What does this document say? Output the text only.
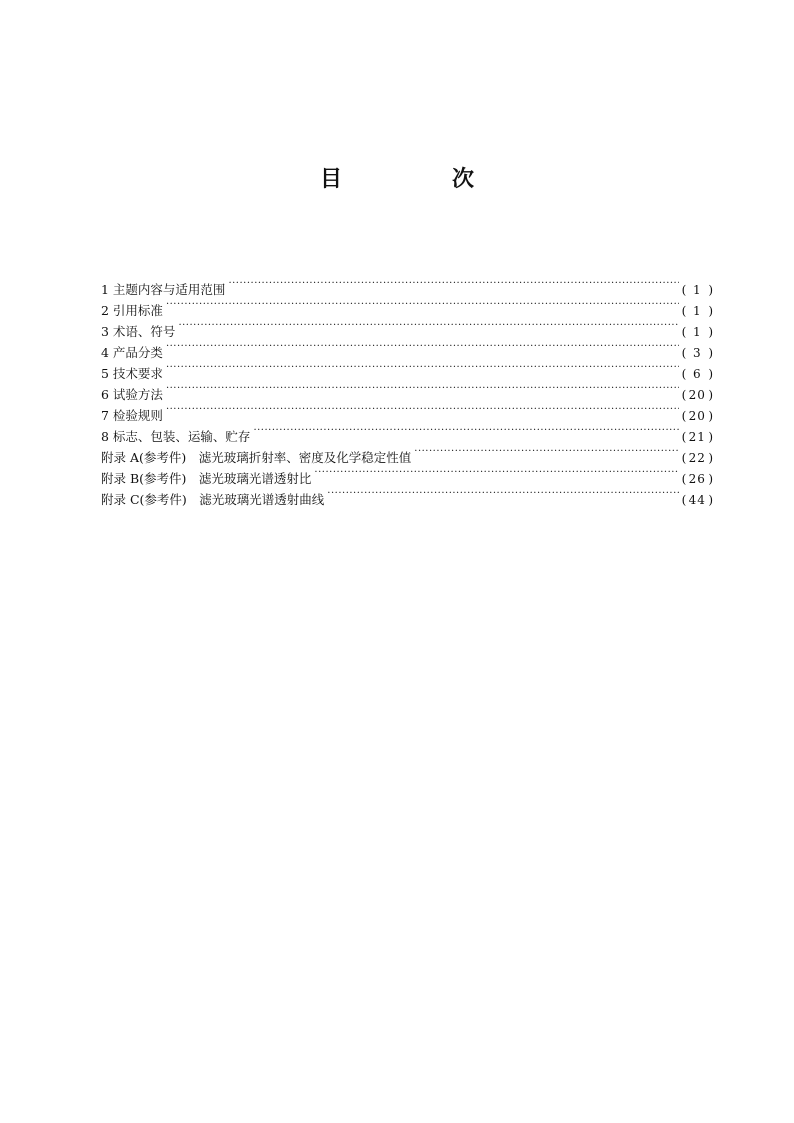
目　次
1 主题内容与适用范围 ·····	( 1 )
2 引用标准 ·····	( 1 )
3 术语、符号 ·····	( 1 )
4 产品分类 ·····	( 3 )
5 技术要求 ·····	( 6 )
6 试验方法 ·····	( 20 )
7 检验规则 ·····	( 20 )
8 标志、包装、运输、贮存 ·····	( 21 )
附录 A(参考件)　滤光玻璃折射率、密度及化学稳定性值 ·····	( 22 )
附录 B(参考件)　滤光玻璃光谱透射比 ·····	( 26 )
附录 C(参考件)　滤光玻璃光谱透射曲线 ·····	( 44 )
